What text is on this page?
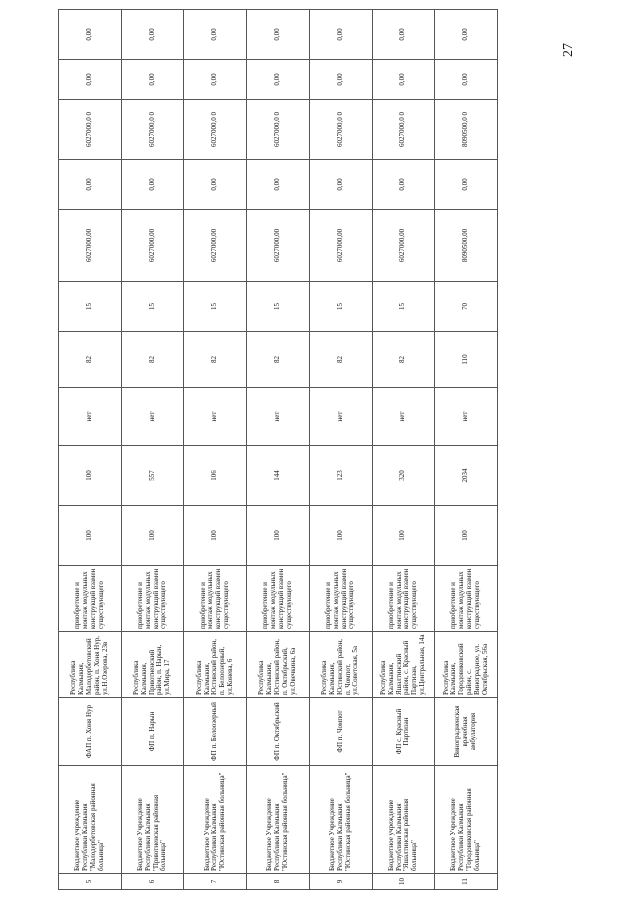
5	Бюджетное учреждение Республики Калмыкия "Малодербетовская районная больница"	ФАП п. Хоня Нур	Республика Калмыкия, Малодербетовский район, п. Хоня Нур, ул.Н.Озерова, 23в	приобретение и монтаж модульных конструкций взамен существующего	100	100	нет	82	15	6027000,00	0,00	6027000,0 0	0,00	0,00
6	Бюджетное Учреждение Республики Калмыкия "Приютненская районная больница"	ФП п. Нарын	Республика Калмыкия, Приютненский район, п. Нарын, ул.Мира, 17	приобретение и монтаж модульных конструкций взамен существующего	100	557	нет	82	15	6027000,00	0,00	6027000,0 0	0,00	0,00
7	Бюджетное Учреждение Республики Калмыкия "Юстинская районная больница"	ФП п. Белоозерный	Республика Калмыкия, Юстинский район, п. Белоозерный, ул.Конева, 6	приобретение и монтаж модульных конструкций взамен существующего	100	106	нет	82	15	6027000,00	0,00	6027000,0 0	0,00	0,00
8	Бюджетное Учреждение Республики Калмыкия "Юстинская районная больница"	ФП п. Октябрьский	Республика Калмыкия, Юстинский район, п. Октябрьский, ул.Овечкина, 6а	приобретение и монтаж модульных конструкций взамен существующего	100	144	нет	82	15	6027000,00	0,00	6027000,0 0	0,00	0,00
9	Бюджетное Учреждение Республики Калмыкия "Юстинская районная больница"	ФП п. Чомпот	Республика Калмыкия, Юстинский район, п. Чомпот, ул.Советская, 5а	приобретение и монтаж модульных конструкций взамен существующего	100	123	нет	82	15	6027000,00	0,00	6027000,0 0	0,00	0,00
10	Бюджетное учреждение Республики Калмыкия "Яшалтинская районная больница"	ФП с. Красный Партизан	Республика Калмыкия, Яшалтинский район, с. Красный Партизан, ул.Центральная, 14а	приобретение и монтаж модульных конструкций взамен существующего	100	320	нет	82	15	6027000,00	0,00	6027000,0 0	0,00	0,00
11	Бюджетное Учреждение Республики Калмыкия "Городовиковская районная больница"	Виноградненская врачебная амбулатория	Республика Калмыкия, Городовиковский район, с. Виноградное, ул. Октябрьская, 56а	приобретение и монтаж модульных конструкций взамен существующего	100	2034	нет	110	70	8090500,00	0,00	8090500,0 0	0,00	0,00
27
